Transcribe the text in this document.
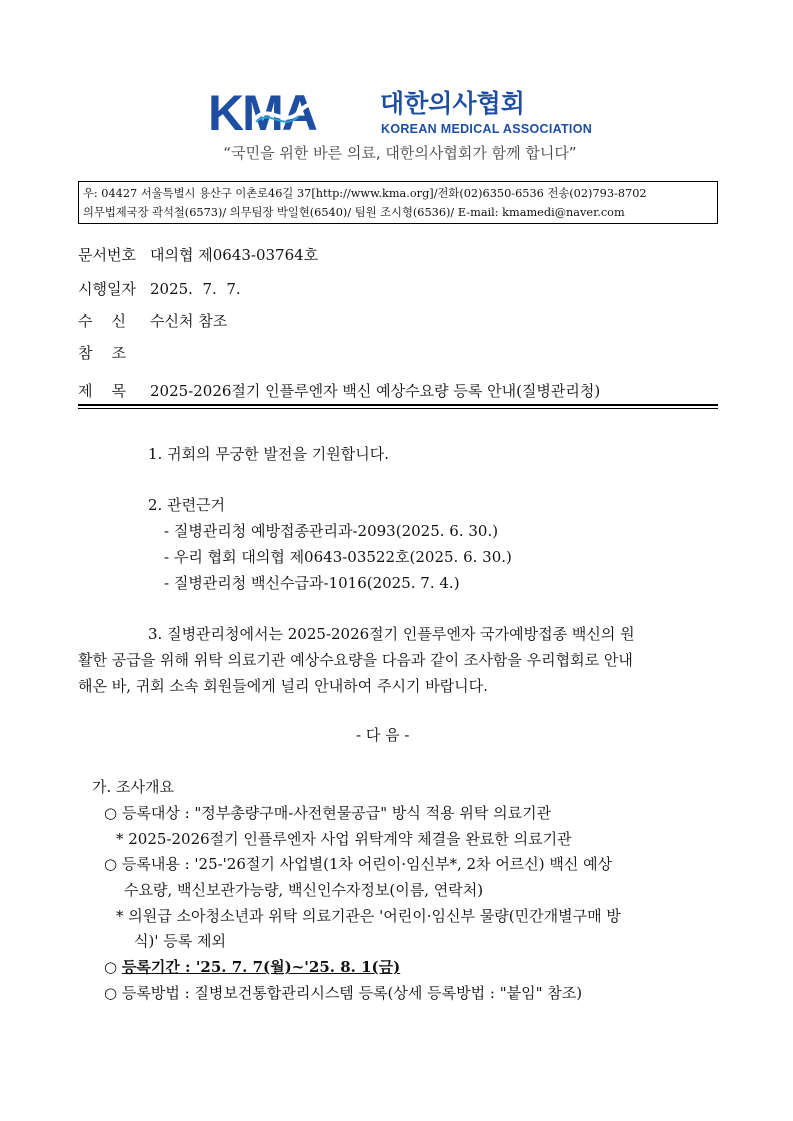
KMA	대한의사협회
KOREAN MEDICAL ASSOCIATION
“국민을 위한 바른 의료, 대한의사협회가 함께 합니다”
우: 04427 서울특별시 용산구 이촌로46길 37[http://www.kma.org]/전화(02)6350-6536 전송(02)793-8702
의무법제국장 곽석철(6573)/ 의무팀장 박일현(6540)/ 팀원 조시형(6536)/ E-mail: kmamedi@naver.com
문서번호 대의협 제0643-03764호
시행일자 2025.  7.  7.
수    신 수신처 참조
참    조
제    목 2025-2026절기 인플루엔자 백신 예상수요량 등록 안내(질병관리청)
1. 귀회의 무궁한 발전을 기원합니다.
2. 관련근거
- 질병관리청 예방접종관리과-2093(2025. 6. 30.)
- 우리 협회 대의협 제0643-03522호(2025. 6. 30.)
- 질병관리청 백신수급과-1016(2025. 7. 4.)
3. 질병관리청에서는 2025-2026절기 인플루엔자 국가예방접종 백신의 원
활한 공급을 위해 위탁 의료기관 예상수요량을 다음과 같이 조사함을 우리협회로 안내
해온 바, 귀회 소속 회원들에게 널리 안내하여 주시기 바랍니다.
- 다 음 -
가. 조사개요
○ 등록대상 : "정부총량구매-사전현물공급" 방식 적용 위탁 의료기관
* 2025-2026절기 인플루엔자 사업 위탁계약 체결을 완료한 의료기관
○ 등록내용 : '25-'26절기 사업별(1차 어린이·임신부*, 2차 어르신) 백신 예상
수요량, 백신보관가능량, 백신인수자정보(이름, 연락처)
* 의원급 소아청소년과 위탁 의료기관은 '어린이·임신부 물량(민간개별구매 방
식)' 등록 제외
○ 등록기간 : '25. 7. 7(월)~'25. 8. 1(금)
○ 등록방법 : 질병보건통합관리시스템 등록(상세 등록방법 : "붙임" 참조)
